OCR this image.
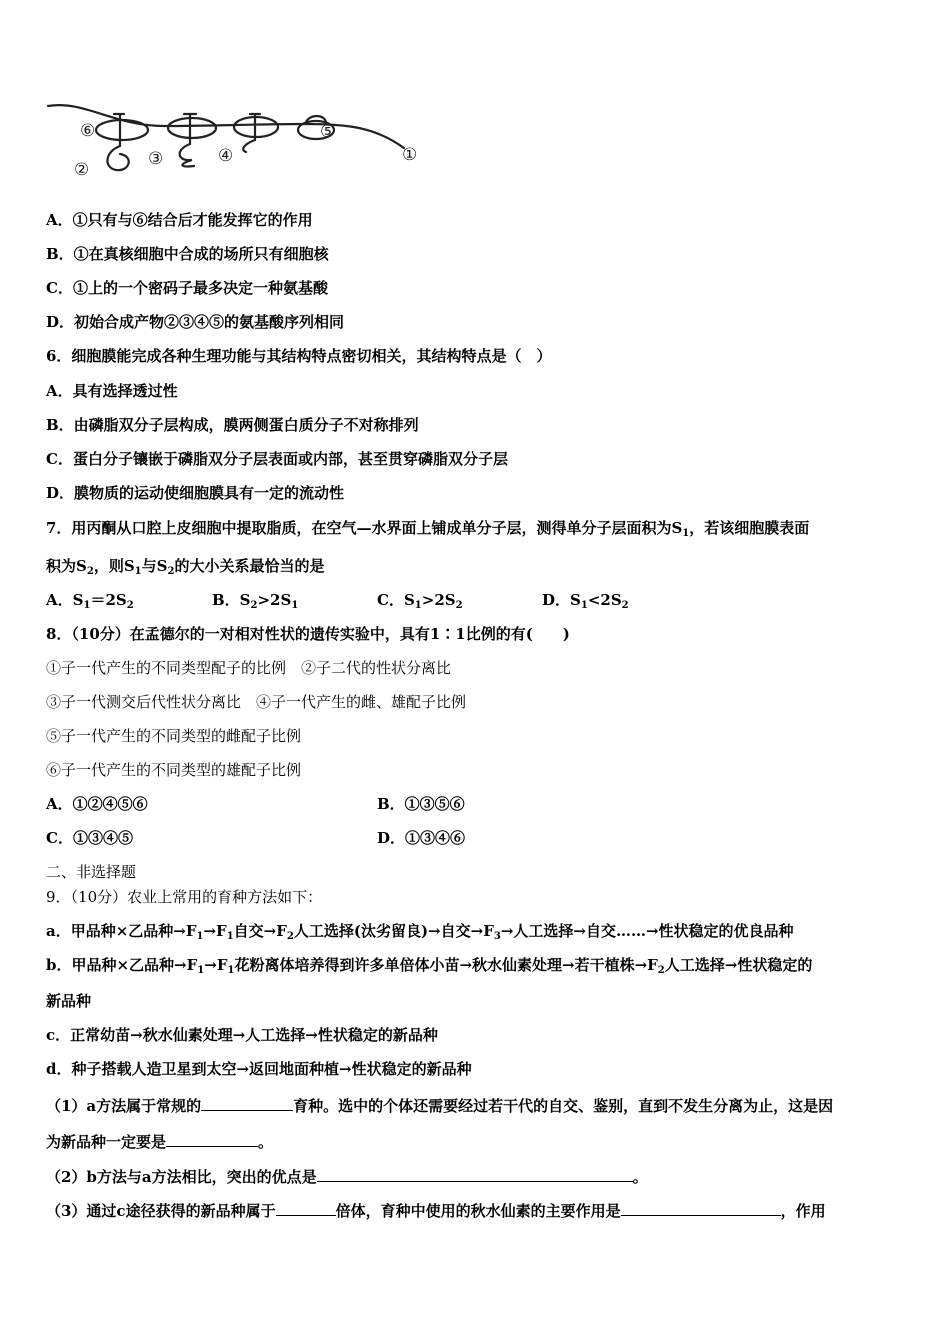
⑥
②
③	④
⑤
①
A．①只有与⑥结合后才能发挥它的作用
B．①在真核细胞中合成的场所只有细胞核
C．①上的一个密码子最多决定一种氨基酸
D．初始合成产物②③④⑤的氨基酸序列相同
6．细胞膜能完成各种生理功能与其结构特点密切相关，其结构特点是（　）
A．具有选择透过性
B．由磷脂双分子层构成，膜两侧蛋白质分子不对称排列
C．蛋白分子镶嵌于磷脂双分子层表面或内部，甚至贯穿磷脂双分子层
D．膜物质的运动使细胞膜具有一定的流动性
7．用丙酮从口腔上皮细胞中提取脂质，在空气—水界面上铺成单分子层，测得单分子层面积为$S_1$，若该细胞膜表面
积为$S_2$，则$S_1$与$S_2$的大小关系最恰当的是
A．$S_1=2S_2$	B．$S_2>2S_1$	C．$S_1>2S_2$	D．$S_1<2S_2$
8．（10分）在孟德尔的一对相对性状的遗传实验中，具有1∶1比例的有(　　)
①子一代产生的不同类型配子的比例　②子二代的性状分离比
③子一代测交后代性状分离比　④子一代产生的雌、雄配子比例
⑤子一代产生的不同类型的雌配子比例
⑥子一代产生的不同类型的雄配子比例
A．①②④⑤⑥	B．①③⑤⑥
C．①③④⑤	D．①③④⑥
二、非选择题
9．（10分）农业上常用的育种方法如下：
a．甲品种×乙品种$\to F_1\to F_1$自交$\to F_2$人工选择(汰劣留良)→自交$\to F_3\to$人工选择→自交……→性状稳定的优良品种
b．甲品种×乙品种$\to F_1\to F_1$花粉离体培养得到许多单倍体小苗→秋水仙素处理→若干植株$\to F_2$人工选择→性状稳定的
新品种
c．正常幼苗→秋水仙素处理→人工选择→性状稳定的新品种
d．种子搭载人造卫星到太空→返回地面种植→性状稳定的新品种
（1）a方法属于常规的	育种。选中的个体还需要经过若干代的自交、鉴别，直到不发生分离为止，这是因
为新品种一定要是	。
（2）b方法与a方法相比，突出的优点是	。
（3）通过c途径获得的新品种属于	倍体，育种中使用的秋水仙素的主要作用是	，作用
